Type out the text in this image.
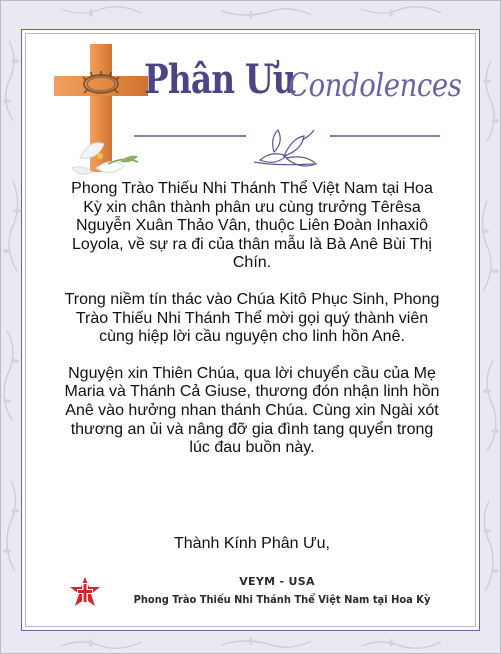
Phân Ưu
Condolences

Phong Trào Thiếu Nhi Thánh Thể Việt Nam tại Hoa Kỳ xin chân thành phân ưu cùng trưởng Têrêsa Nguyễn Xuân Thảo Vân, thuộc Liên Đoàn Inhaxiô Loyola, về sự ra đi của thân mẫu là Bà Anê Bùi Thị Chín.

Trong niềm tín thác vào Chúa Kitô Phục Sinh, Phong Trào Thiếu Nhi Thánh Thể mời gọi quý thành viên cùng hiệp lời cầu nguyện cho linh hồn Anê.

Nguyện xin Thiên Chúa, qua lời chuyển cầu của Mẹ Maria và Thánh Cả Giuse, thương đón nhận linh hồn Anê vào hưởng nhan thánh Chúa. Cùng xin Ngài xót thương an ủi và nâng đỡ gia đình tang quyển trong lúc đau buồn này.

Thành Kính Phân Ưu,
VEYM - USA
Phong Trào Thiếu Nhi Thánh Thể Việt Nam tại Hoa Kỳ
